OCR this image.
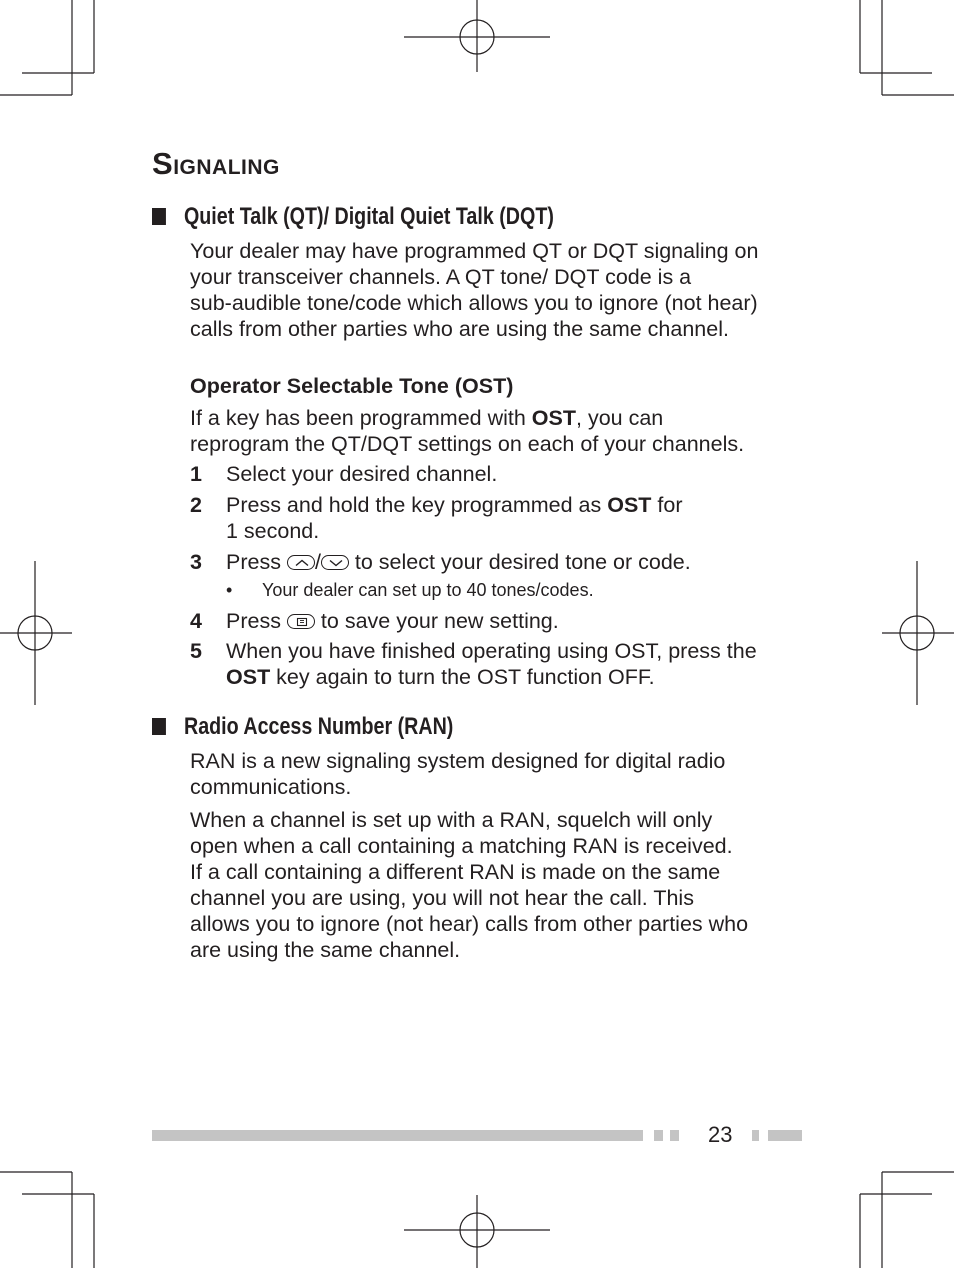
SIGNALING
Quiet Talk (QT)/ Digital Quiet Talk (DQT)
Your dealer may have programmed QT or DQT signaling on
your transceiver channels. A QT tone/ DQT code is a
sub-audible tone/code which allows you to ignore (not hear)
calls from other parties who are using the same channel.
Operator Selectable Tone (OST)
If a key has been programmed with OST, you can
reprogram the QT/DQT settings on each of your channels.
1 Select your desired channel.
2 Press and hold the key programmed as OST for
1 second.
3 Press
/
to select your desired tone or code.
• Your dealer can set up to 40 tones/codes.
4 Press
to save your new setting.
5 When you have finished operating using OST, press the
OST key again to turn the OST function OFF.
Radio Access Number (RAN)
RAN is a new signaling system designed for digital radio
communications.
When a channel is set up with a RAN, squelch will only
open when a call containing a matching RAN is received.
If a call containing a different RAN is made on the same
channel you are using, you will not hear the call. This
allows you to ignore (not hear) calls from other parties who
are using the same channel.
23
